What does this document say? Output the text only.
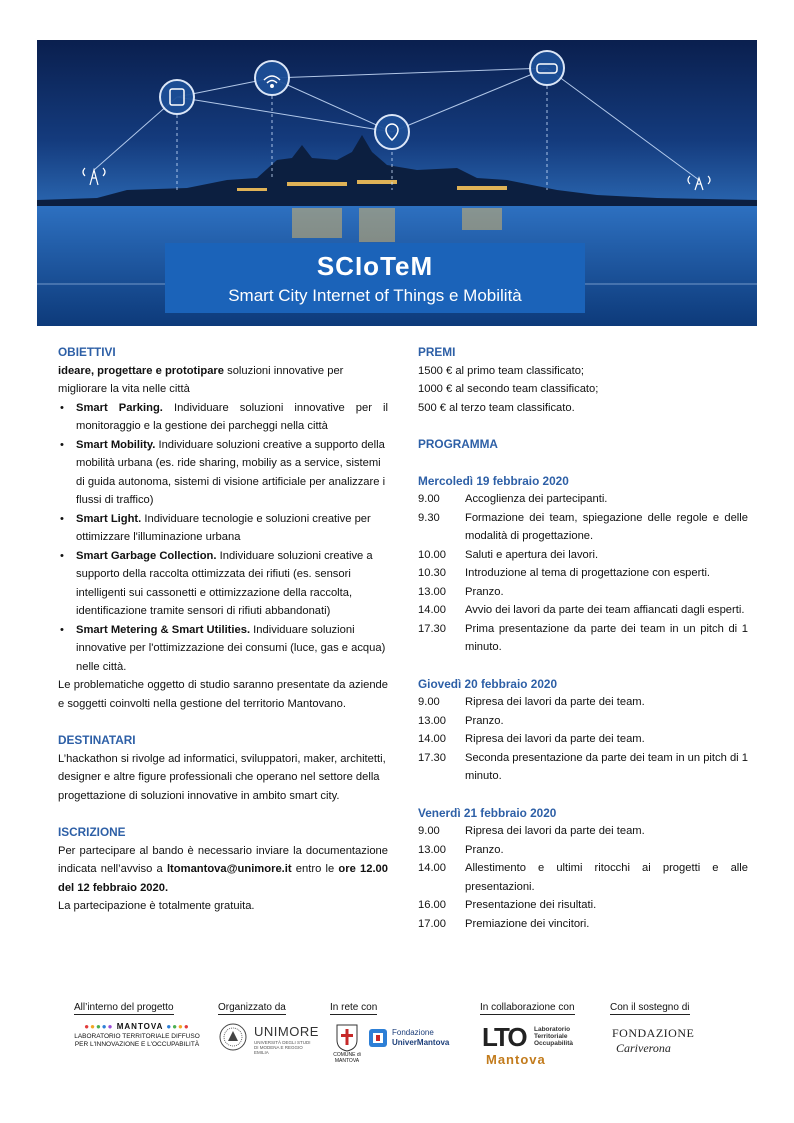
SCIoTeM
Smart City Internet of Things e Mobilità
OBIETTIVI
ideare, progettare e prototipare soluzioni innovative per migliorare la vita nelle città
• Smart Parking. Individuare soluzioni innovative per il monitoraggio e la gestione dei parcheggi nella città
• Smart Mobility. Individuare soluzioni creative a supporto della mobilità urbana (es. ride sharing, mobiliy as a service, sistemi di guida autonoma, sistemi di visione artificiale per analizzare i flussi di traffico)
• Smart Light. Individuare tecnologie e soluzioni creative per ottimizzare l'illuminazione urbana
• Smart Garbage Collection. Individuare soluzioni creative a supporto della raccolta ottimizzata dei rifiuti (es. sensori intelligenti sui cassonetti e ottimizzazione della raccolta, identificazione tramite sensori di rifiuti abbandonati)
• Smart Metering & Smart Utilities. Individuare soluzioni innovative per l'ottimizzazione dei consumi (luce, gas e acqua) nelle città.
Le problematiche oggetto di studio saranno presentate da aziende e soggetti coinvolti nella gestione del territorio Mantovano.
DESTINATARI
L’hackathon si rivolge ad informatici, sviluppatori, maker, architetti, designer e altre figure professionali che operano nel settore della progettazione di soluzioni innovative in ambito smart city.
ISCRIZIONE
Per partecipare al bando è necessario inviare la documentazione indicata nell’avviso a ltomantova@unimore.it entro le ore 12.00 del 12 febbraio 2020.
La partecipazione è totalmente gratuita.
PREMI
1500 € al primo team classificato;
1000 € al secondo team classificato;
500 € al terzo team classificato.
PROGRAMMA
Mercoledì 19 febbraio 2020
9.00	Accoglienza dei partecipanti.
9.30	Formazione dei team, spiegazione delle regole e delle modalità di progettazione.
10.00	Saluti e apertura dei lavori.
10.30	Introduzione al tema di progettazione con esperti.
13.00	Pranzo.
14.00	Avvio dei lavori da parte dei team affiancati dagli esperti.
17.30	Prima presentazione da parte dei team in un pitch di 1 minuto.
Giovedì 20 febbraio 2020
9.00	Ripresa dei lavori da parte dei team.
13.00	Pranzo.
14.00	Ripresa dei lavori da parte dei team.
17.30	Seconda presentazione da parte dei team in un pitch di 1 minuto.
Venerdì 21 febbraio 2020
9.00	Ripresa dei lavori da parte dei team.
13.00	Pranzo.
14.00	Allestimento e ultimi ritocchi ai progetti e alle presentazioni.
16.00	Presentazione dei risultati.
17.00	Premiazione dei vincitori.
All’interno del progetto	Organizzato da	In rete con	In collaborazione con	Con il sostegno di
●●●●● MANTOVA ●●●●
LABORATORIO TERRITORIALE DIFFUSO PER L'INNOVAZIONE E L'OCCUPABILITÀ
UNIMORE
UNIVERSITÀ DEGLI STUDI DI MODENA E REGGIO EMILIA	COMUNE di MANTOVA
Fondazione
UniverMantova LTO Laboratorio Territoriale Occupabilità
Mantova
FONDAZIONE
Cariverona
